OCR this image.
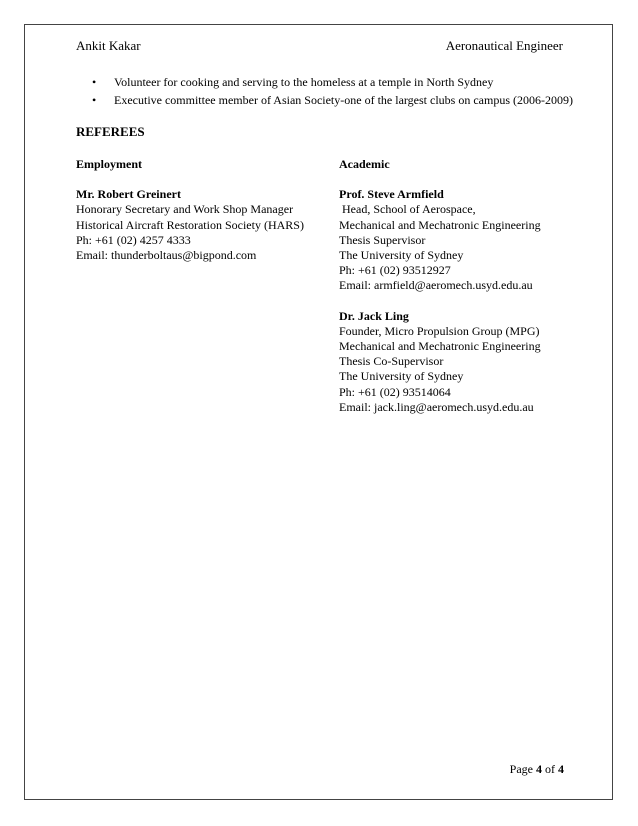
Ankit Kakar	Aeronautical Engineer
• Volunteer for cooking and serving to the homeless at a temple in North Sydney
• Executive committee member of Asian Society-one of the largest clubs on campus (2006-2009)
REFEREES
Employment
Mr. Robert Greinert
Honorary Secretary and Work Shop Manager
Historical Aircraft Restoration Society (HARS)
Ph: +61 (02) 4257 4333
Email: thunderboltaus@bigpond.com
Academic
Prof. Steve Armfield
Head, School of Aerospace,
Mechanical and Mechatronic Engineering
Thesis Supervisor
The University of Sydney
Ph: +61 (02) 93512927
Email: armfield@aeromech.usyd.edu.au
Dr. Jack Ling
Founder, Micro Propulsion Group (MPG)
Mechanical and Mechatronic Engineering
Thesis Co-Supervisor
The University of Sydney
Ph: +61 (02) 93514064
Email: jack.ling@aeromech.usyd.edu.au
Page 4 of 4
